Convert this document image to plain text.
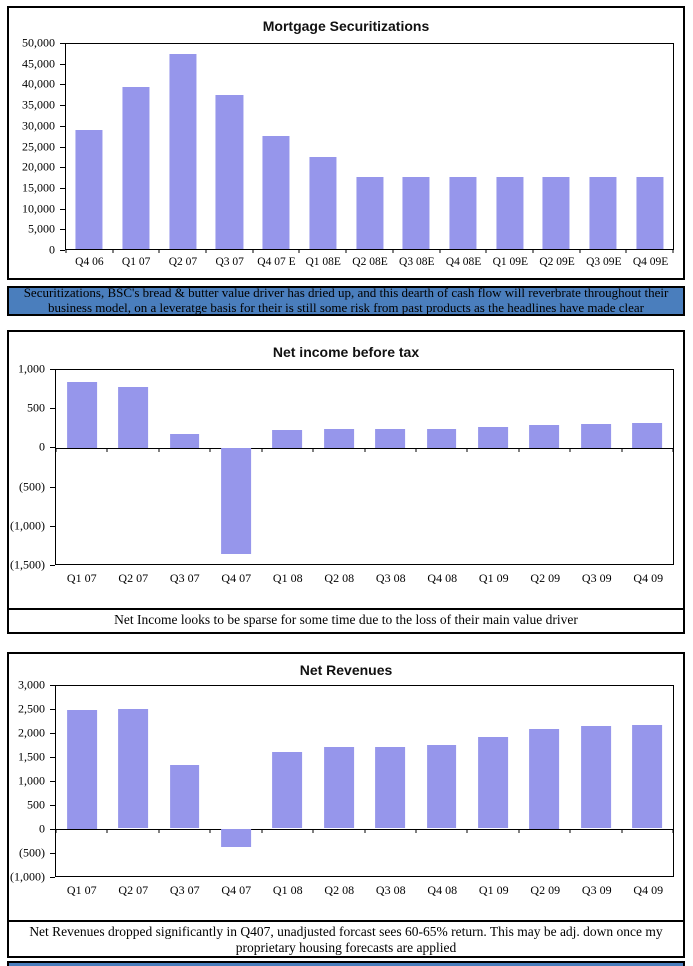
Mortgage Securitizations
50,000
45,000
40,000
35,000
30,000
25,000
20,000
15,000
10,000
5,000
0
Q4 06 Q1 07 Q2 07 Q3 07 Q4 07 E Q1 08E Q2 08E Q3 08E Q4 08E Q1 09E Q2 09E Q3 09E Q4 09E
Securitizations, BSC's bread & butter value driver has dried up, and this dearth of cash flow will reverbrate throughout their business model, on a leveratge basis for their is still some risk from past products as the headlines have made clear
Net income before tax
1,000
500
0
(500)
(1,000)
(1,500)
Q1 07 Q2 07 Q3 07 Q4 07 Q1 08 Q2 08 Q3 08 Q4 08 Q1 09 Q2 09 Q3 09 Q4 09
Net Income looks to be sparse for some time due to the loss of their main value driver
Net Revenues
3,000
2,500
2,000
1,500
1,000
500
0
(500)
(1,000)
Q1 07 Q2 07 Q3 07 Q4 07 Q1 08 Q2 08 Q3 08 Q4 08 Q1 09 Q2 09 Q3 09 Q4 09
Net Revenues dropped significantly in Q407, unadjusted forcast sees 60-65% return. This may be adj. down once my proprietary housing forecasts are applied
